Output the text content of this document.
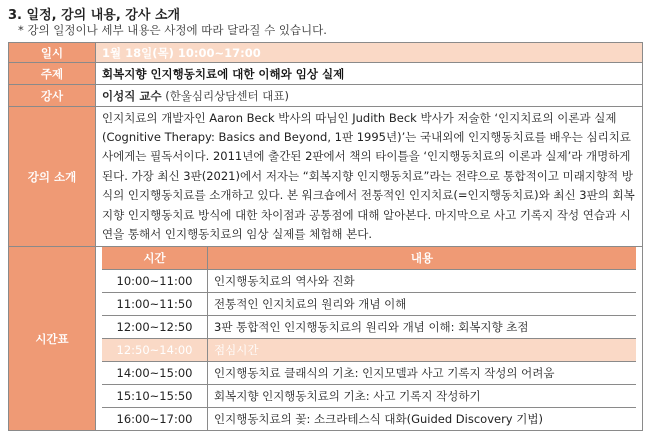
3. 일정, 강의 내용, 강사 소개
* 강의 일정이나 세부 내용은 사정에 따라 달라질 수 있습니다.
일시	1월 18일(목) 10:00~17:00
주제	회복지향 인지행동치료에 대한 이해와 임상 실제
강사	이성직 교수 (한울심리상담센터 대표)
강의 소개	인지치료의 개발자인 Aaron Beck 박사의 따님인 Judith Beck 박사가 저술한 ‘인지치료의 이론과 실제 (Cognitive Therapy: Basics and Beyond, 1판 1995년)’는 국내외에 인지행동치료를 배우는 심리치료사에게는 필독서이다. 2011년에 출간된 2판에서 책의 타이틀을 ‘인지행동치료의 이론과 실제’라 개명하게 된다. 가장 최신 3판(2021)에서 저자는 “회복지향 인지행동치료”라는 전략으로 통합적이고 미래지향적 방식의 인지행동치료를 소개하고 있다. 본 워크숍에서 전통적인 인지치료(=인지행동치료)와 최신 3판의 회복지향 인지행동치료 방식에 대한 차이점과 공통점에 대해 알아본다. 마지막으로 사고 기록지 작성 연습과 시연을 통해서 인지행동치료의 임상 실제를 체험해 본다.
시간표	
시간	내용
10:00~11:00	인지행동치료의 역사와 진화
11:00~11:50	전통적인 인지치료의 원리와 개념 이해
12:00~12:50	3판 통합적인 인지행동치료의 원리와 개념 이해: 회복지향 초점
12:50~14:00	점심시간
14:00~15:00	인지행동치료 클래식의 기초: 인지모델과 사고 기록지 작성의 어려움
15:10~15:50	회복지향 인지행동치료의 기초: 사고 기록지 작성하기
16:00~17:00	인지행동치료의 꽃: 소크라테스식 대화(Guided Discovery 기법)
